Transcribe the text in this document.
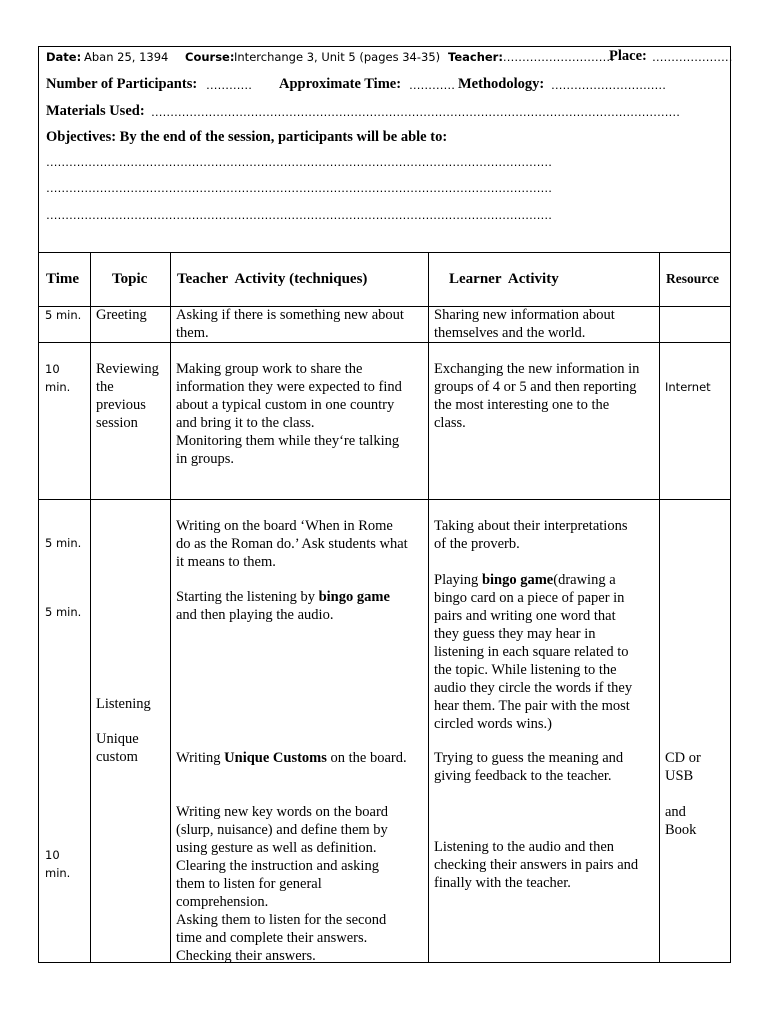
Date: Aban 25, 1394 Course: Interchange 3, Unit 5 (pages 34-35) Teacher:
…………………………
Place: …………………
Number of Participants: ………… Approximate Time: ………… Methodology: …………………………
Materials Used: …………………………………………………………………………………………………………………………
Objectives: By the end of the session, participants will be able to:
……………………………………………………………………………………………………………………
……………………………………………………………………………………………………………………
……………………………………………………………………………………………………………………
Time Topic Teacher  Activity (techniques)	Learner  Activity	Resource
5 min. Greeting Asking if there is something new about
them.
Sharing new information about
themselves and the world.
10
min.
Reviewing
the
previous
session
Making group work to share the
information they were expected to find
about a typical custom in one country
and bring it to the class.
Monitoring them while they‘re talking
in groups.
Exchanging the new information in
groups of 4 or 5 and then reporting
the most interesting one to the
class.
Internet
5 min.
5 min.
10
min.
Listening
Unique
custom
Writing on the board ‘When in Rome
do as the Roman do.’ Ask students what
it means to them.
Starting the listening by bingo game
and then playing the audio.
Writing Unique Customs on the board.
Writing new key words on the board
(slurp, nuisance) and define them by
using gesture as well as definition.
Clearing the instruction and asking
them to listen for general
comprehension.
Asking them to listen for the second
time and complete their answers.
Checking their answers.
Taking about their interpretations
of the proverb.
Playing bingo game(drawing a
bingo card on a piece of paper in
pairs and writing one word that
they guess they may hear in
listening in each square related to
the topic. While listening to the
audio they circle the words if they
hear them. The pair with the most
circled words wins.)
Trying to guess the meaning and
giving feedback to the teacher.
Listening to the audio and then
checking their answers in pairs and
finally with the teacher.
CD or
USB
and
Book
